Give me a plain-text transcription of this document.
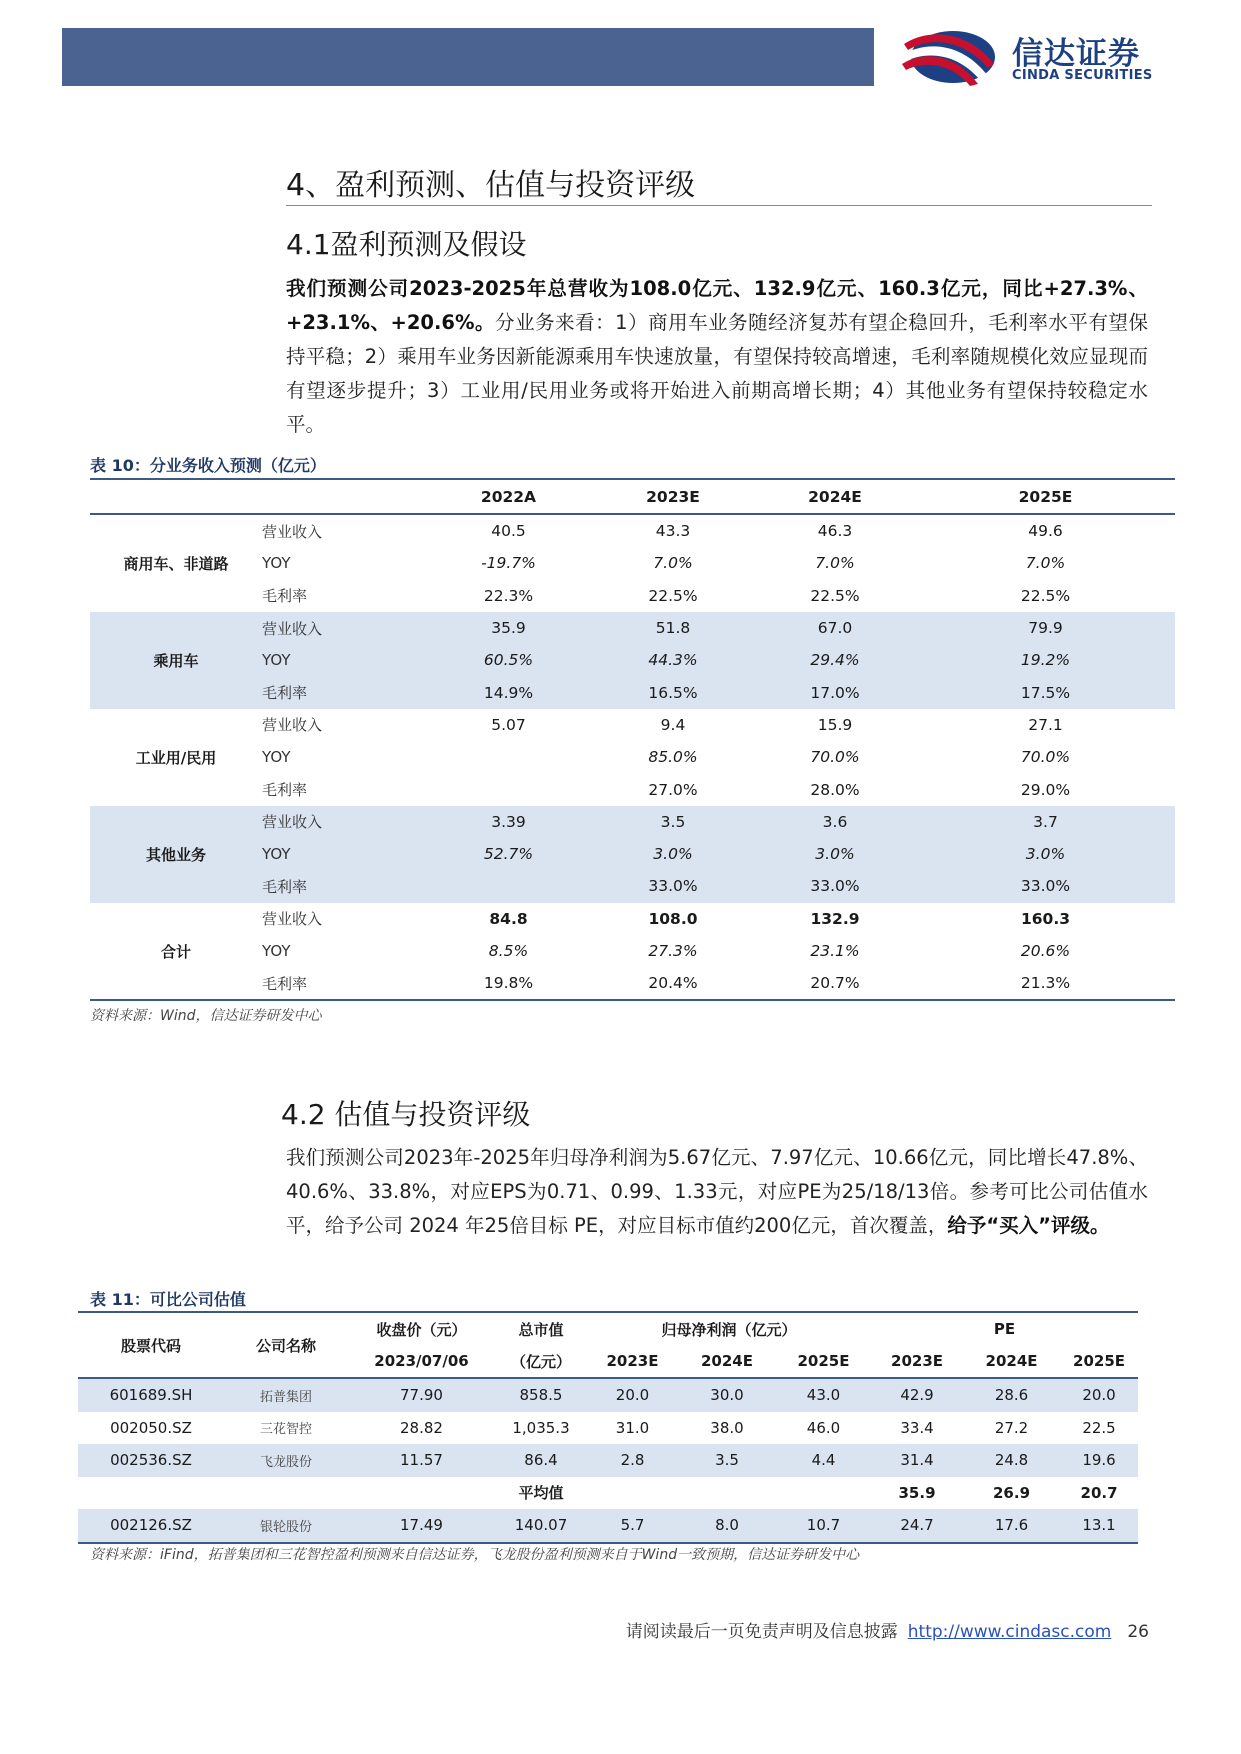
信达证券
CINDA SECURITIES
4、盈利预测、估值与投资评级
4.1盈利预测及假设
我们预测公司2023-2025年总营收为108.0亿元、132.9亿元、160.3亿元，同比+27.3%、+23.1%、+20.6%。分业务来看：1）商用车业务随经济复苏有望企稳回升，毛利率水平有望保持平稳；2）乘用车业务因新能源乘用车快速放量，有望保持较高增速，毛利率随规模化效应显现而有望逐步提升；3）工业用/民用业务或将开始进入前期高增长期；4）其他业务有望保持较稳定水平。
表 10：分业务收入预测（亿元）
		2022A	2023E	2024E	2025E
商用车、非道路	营业收入	40.5	43.3	46.3	49.6
	YOY	-19.7%	7.0%	7.0%	7.0%
	毛利率	22.3%	22.5%	22.5%	22.5%
乘用车	营业收入	35.9	51.8	67.0	79.9
	YOY	60.5%	44.3%	29.4%	19.2%
	毛利率	14.9%	16.5%	17.0%	17.5%
工业用/民用	营业收入	5.07	9.4	15.9	27.1
	YOY		85.0%	70.0%	70.0%
	毛利率		27.0%	28.0%	29.0%
其他业务	营业收入	3.39	3.5	3.6	3.7
	YOY	52.7%	3.0%	3.0%	3.0%
	毛利率		33.0%	33.0%	33.0%
合计	营业收入	84.8	108.0	132.9	160.3
	YOY	8.5%	27.3%	23.1%	20.6%
	毛利率	19.8%	20.4%	20.7%	21.3%
资料来源：Wind，信达证券研发中心
4.2 估值与投资评级
我们预测公司2023年-2025年归母净利润为5.67亿元、7.97亿元、10.66亿元，同比增长47.8%、40.6%、33.8%，对应EPS为0.71、0.99、1.33元，对应PE为25/18/13倍。参考可比公司估值水平，给予公司 2024 年25倍目标 PE，对应目标市值约200亿元，首次覆盖，给予“买入”评级。
表 11：可比公司估值
股票代码	公司名称	收盘价（元）	总市值	归母净利润（亿元）			PE		
		2023/07/06	（亿元）	2023E	2024E	2025E	2023E	2024E	2025E
601689.SH	拓普集团	77.90	858.5	20.0	30.0	43.0	42.9	28.6	20.0
002050.SZ	三花智控	28.82	1,035.3	31.0	38.0	46.0	33.4	27.2	22.5
002536.SZ	飞龙股份	11.57	86.4	2.8	3.5	4.4	31.4	24.8	19.6
			平均值				35.9	26.9	20.7
002126.SZ	银轮股份	17.49	140.07	5.7	8.0	10.7	24.7	17.6	13.1
资料来源：iFind，拓普集团和三花智控盈利预测来自信达证券，飞龙股份盈利预测来自于Wind一致预期，信达证券研发中心
请阅读最后一页免责声明及信息披露 http://www.cindasc.com 26
